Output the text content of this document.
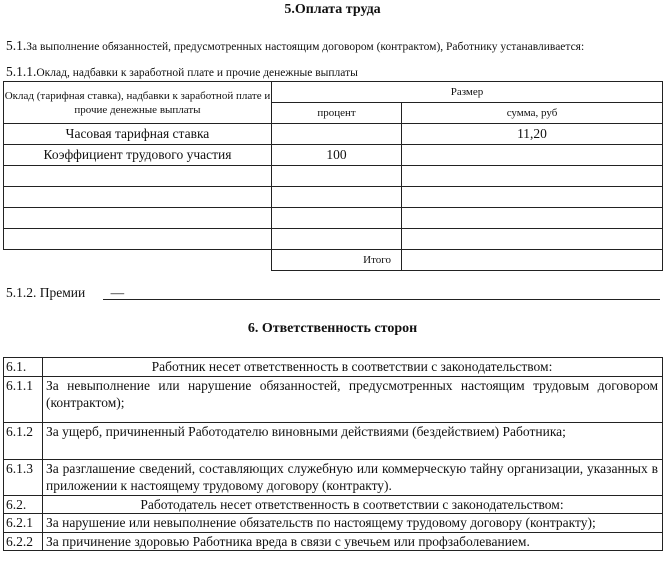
5.Оплата труда
5.1.За выполнение обязанностей, предусмотренных настоящим договором (контрактом), Работнику устанавливается:
5.1.1.Оклад, надбавки к заработной плате и прочие денежные выплаты
Оклад (тарифная ставка), надбавки к заработной плате и прочие денежные выплаты	Размер	
	процент	сумма, руб
Часовая тарифная ставка		11,20
Коэффициент трудового участия	100	

	Итого	
5.1.2. Премии —
6. Ответственность сторон
6.1.	Работник несет ответственность в соответствии с законодательством:
6.1.1	За невыполнение или нарушение обязанностей, предусмотренных настоящим трудовым договором (контрактом);
6.1.2	За ущерб, причиненный Работодателю виновными действиями (бездействием) Работника;
6.1.3	За разглашение сведений, составляющих служебную или коммерческую тайну организации, указанных в приложении к настоящему трудовому договору (контракту).
6.2.	Работодатель несет ответственность в соответствии с законодательством:
6.2.1	За нарушение или невыполнение обязательств по настоящему трудовому договору (контракту);
6.2.2	За причинение здоровью Работника вреда в связи с увечьем или профзаболеванием.
